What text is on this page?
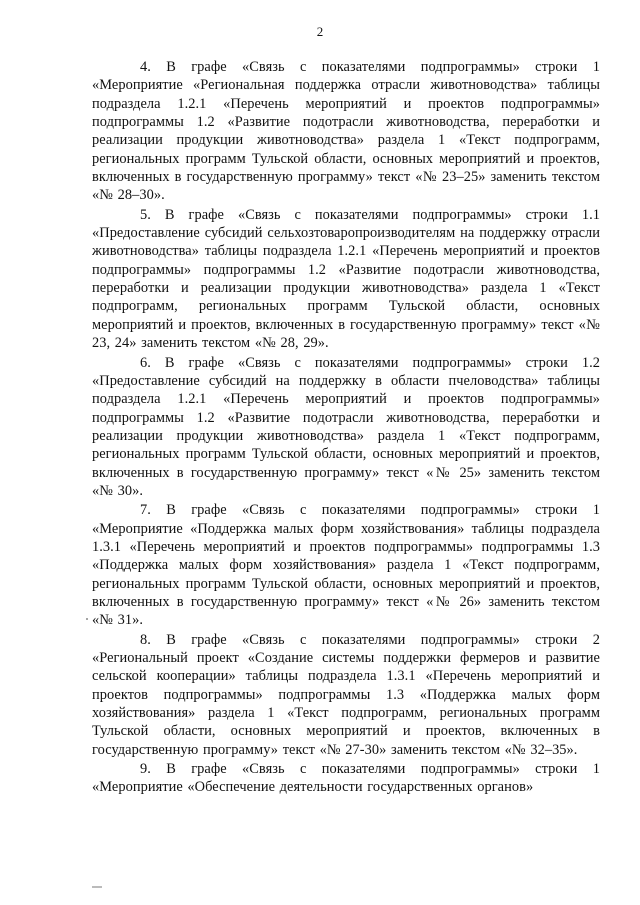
2

4. В графе «Связь с показателями подпрограммы» строки 1 «Мероприятие «Региональная поддержка отрасли животноводства» таблицы подраздела 1.2.1 «Перечень мероприятий и проектов подпрограммы» подпрограммы 1.2 «Развитие подотрасли животноводства, переработки и реализации продукции животноводства» раздела 1 «Текст подпрограмм, региональных программ Тульской области, основных мероприятий и проектов, включенных в государственную программу» текст «№ 23–25» заменить текстом «№ 28–30».

5. В графе «Связь с показателями подпрограммы» строки 1.1 «Предоставление субсидий сельхозтоваропроизводителям на поддержку отрасли животноводства» таблицы подраздела 1.2.1 «Перечень мероприятий и проектов подпрограммы» подпрограммы 1.2 «Развитие подотрасли животноводства, переработки и реализации продукции животноводства» раздела 1 «Текст подпрограмм, региональных программ Тульской области, основных мероприятий и проектов, включенных в государственную программу» текст «№ 23, 24» заменить текстом «№ 28, 29».

6. В графе «Связь с показателями подпрограммы» строки 1.2 «Предоставление субсидий на поддержку в области пчеловодства» таблицы подраздела 1.2.1 «Перечень мероприятий и проектов подпрограммы» подпрограммы 1.2 «Развитие подотрасли животноводства, переработки и реализации продукции животноводства» раздела 1 «Текст подпрограмм, региональных программ Тульской области, основных мероприятий и проектов, включенных в государственную программу» текст «№ 25» заменить текстом «№ 30».

7. В графе «Связь с показателями подпрограммы» строки 1 «Мероприятие «Поддержка малых форм хозяйствования» таблицы подраздела 1.3.1 «Перечень мероприятий и проектов подпрограммы» подпрограммы 1.3 «Поддержка малых форм хозяйствования» раздела 1 «Текст подпрограмм, региональных программ Тульской области, основных мероприятий и проектов, включенных в государственную программу» текст «№ 26» заменить текстом «№ 31».

8. В графе «Связь с показателями подпрограммы» строки 2 «Региональный проект «Создание системы поддержки фермеров и развитие сельской кооперации» таблицы подраздела 1.3.1 «Перечень мероприятий и проектов подпрограммы» подпрограммы 1.3 «Поддержка малых форм хозяйствования» раздела 1 «Текст подпрограмм, региональных программ Тульской области, основных мероприятий и проектов, включенных в государственную программу» текст «№ 27-30» заменить текстом «№ 32–35».

9. В графе «Связь с показателями подпрограммы» строки 1 «Мероприятие «Обеспечение деятельности государственных органов»
